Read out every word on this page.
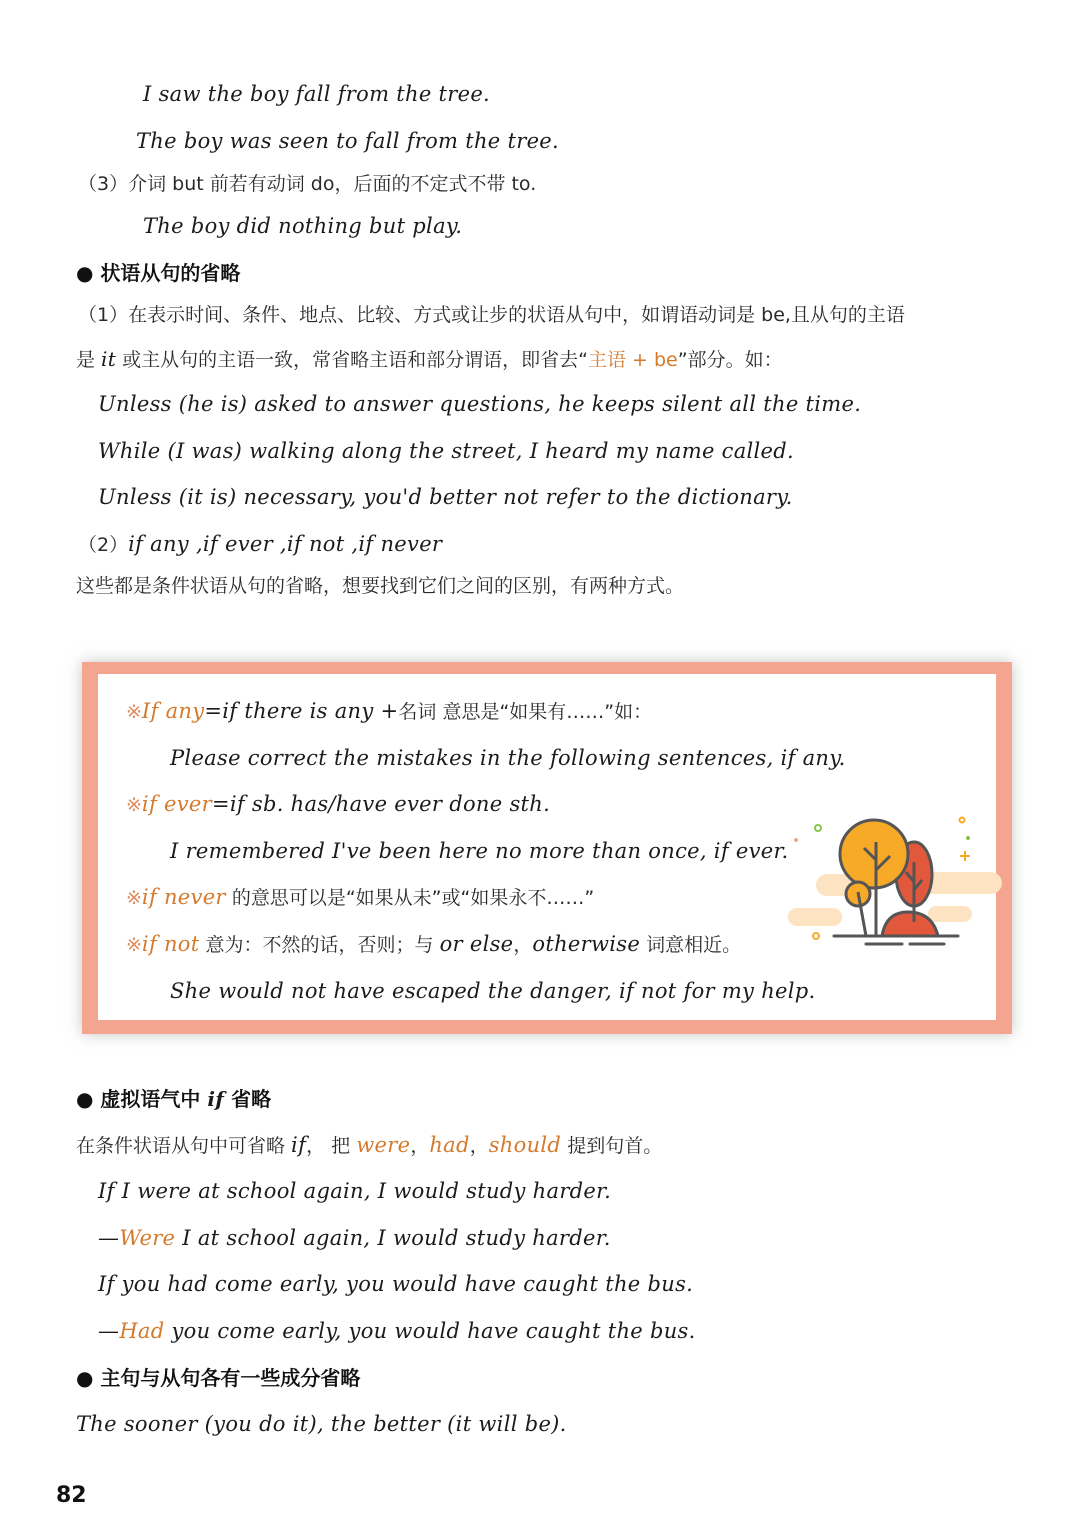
I saw the boy fall from the tree.
The boy was seen to fall from the tree.
（3）介词 but 前若有动词 do，后面的不定式不带 to.
The boy did nothing but play.
● 状语从句的省略
（1）在表示时间、条件、地点、比较、方式或让步的状语从句中，如谓语动词是 be,且从句的主语
是 it 或主从句的主语一致，常省略主语和部分谓语，即省去“主语 + be”部分。如：
Unless (he is) asked to answer questions, he keeps silent all the time.
While (I was) walking along the street, I heard my name called.
Unless (it is) necessary, you'd better not refer to the dictionary.
（2）if any ,if ever ,if not ,if never
这些都是条件状语从句的省略，想要找到它们之间的区别，有两种方式。
※If any=if there is any +名词 意思是“如果有……”如：
Please correct the mistakes in the following sentences, if any.
※if ever=if sb. has/have ever done sth.
I remembered I've been here no more than once, if ever.
※if never 的意思可以是“如果从未”或“如果永不……”
※if not 意为：不然的话，否则；与 or else，otherwise 词意相近。
She would not have escaped the danger, if not for my help.
● 虚拟语气中 if 省略
在条件状语从句中可省略 if， 把 were，had，should 提到句首。
If I were at school again, I would study harder.
—Were I at school again, I would study harder.
If you had come early, you would have caught the bus.
—Had you come early, you would have caught the bus.
● 主句与从句各有一些成分省略
The sooner (you do it), the better (it will be).
82
